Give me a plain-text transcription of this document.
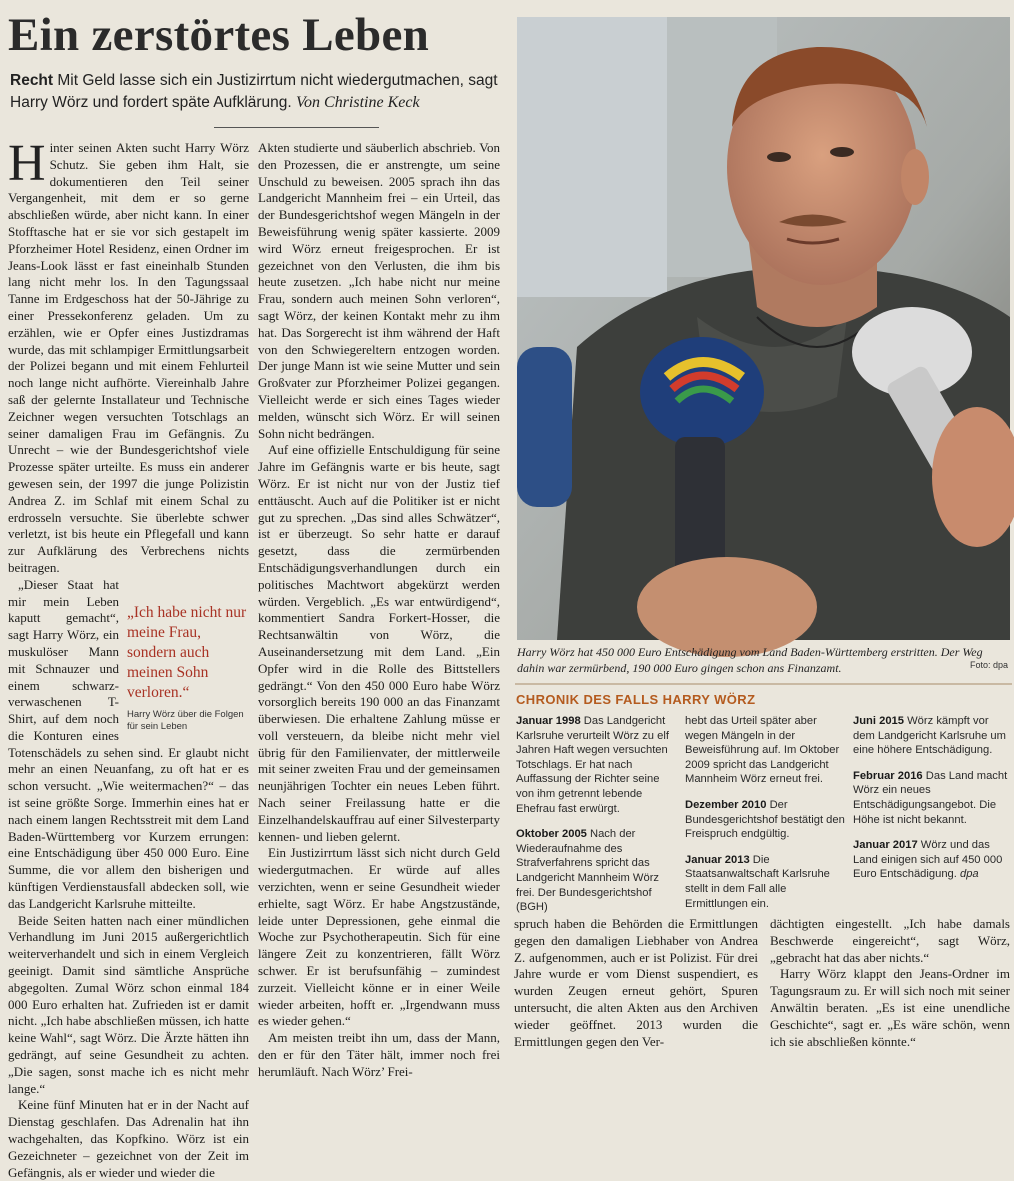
Ein zerstörtes Leben
Recht Mit Geld lasse sich ein Justizirrtum nicht wiedergutmachen, sagt Harry Wörz und fordert späte Aufklärung. Von Christine Keck

Hinter seinen Akten sucht Harry Wörz Schutz. Sie geben ihm Halt, sie dokumentieren den Teil seiner Vergangenheit, mit dem er so gerne abschließen würde, aber nicht kann. In einer Stofftasche hat er sie vor sich gestapelt im Pforzheimer Hotel Residenz, einen Ordner im Jeans-Look lässt er fast eineinhalb Stunden lang nicht mehr los. In den Tagungssaal Tanne im Erdgeschoss hat der 50-Jährige zu einer Pressekonferenz geladen. Um zu erzählen, wie er Opfer eines Justizdramas wurde, das mit schlampiger Ermittlungsarbeit der Polizei begann und mit einem Fehlurteil noch lange nicht aufhörte. Viereinhalb Jahre saß der gelernte Installateur und Technische Zeichner wegen versuchten Totschlags an seiner damaligen Frau im Gefängnis. Zu Unrecht – wie der Bundesgerichtshof viele Prozesse später urteilte. Es muss ein anderer gewesen sein, der 1997 die junge Polizistin Andrea Z. im Schlaf mit einem Schal zu erdrosseln versuchte. Sie überlebte schwer verletzt, ist bis heute ein Pflegefall und kann zur Aufklärung des Verbrechens nichts beitragen.

„Ich habe nicht nur meine Frau, sondern auch meinen Sohn verloren.“
Harry Wörz über die Folgen für sein Leben

„Dieser Staat hat mir mein Leben kaputt gemacht“, sagt Harry Wörz, ein muskulöser Mann mit Schnauzer und einem schwarz-verwaschenen T-Shirt, auf dem noch die Konturen eines Totenschädels zu sehen sind. Er glaubt nicht mehr an einen Neuanfang, zu oft hat er es schon versucht. „Wie weitermachen?“ – das ist seine größte Sorge. Immerhin eines hat er nach einem langen Rechtsstreit mit dem Land Baden-Württemberg vor Kurzem errungen: eine Entschädigung über 450 000 Euro. Eine Summe, die vor allem den bisherigen und künftigen Verdienstausfall abdecken soll, wie das Landgericht Karlsruhe mitteilte.

Beide Seiten hatten nach einer mündlichen Verhandlung im Juni 2015 außergerichtlich weiterverhandelt und sich in einem Vergleich geeinigt. Damit sind sämtliche Ansprüche abgegolten. Zumal Wörz schon einmal 184 000 Euro erhalten hat. Zufrieden ist er damit nicht. „Ich habe abschließen müssen, ich hatte keine Wahl“, sagt Wörz. Die Ärzte hätten ihn gedrängt, auf seine Gesundheit zu achten. „Die sagen, sonst mache ich es nicht mehr lange.“

Keine fünf Minuten hat er in der Nacht auf Dienstag geschlafen. Das Adrenalin hat ihn wachgehalten, das Kopfkino. Wörz ist ein Gezeichneter – gezeichnet von der Zeit im Gefängnis, als er wieder und wieder die

Akten studierte und säuberlich abschrieb. Von den Prozessen, die er anstrengte, um seine Unschuld zu beweisen. 2005 sprach ihn das Landgericht Mannheim frei – ein Urteil, das der Bundesgerichtshof wegen Mängeln in der Beweisführung wenig später kassierte. 2009 wird Wörz erneut freigesprochen. Er ist gezeichnet von den Verlusten, die ihm bis heute zusetzen. „Ich habe nicht nur meine Frau, sondern auch meinen Sohn verloren“, sagt Wörz, der keinen Kontakt mehr zu ihm hat. Das Sorgerecht ist ihm während der Haft von den Schwiegereltern entzogen worden. Der junge Mann ist wie seine Mutter und sein Großvater zur Pforzheimer Polizei gegangen. Vielleicht werde er sich eines Tages wieder melden, wünscht sich Wörz. Er will seinen Sohn nicht bedrängen.

Auf eine offizielle Entschuldigung für seine Jahre im Gefängnis warte er bis heute, sagt Wörz. Er ist nicht nur von der Justiz tief enttäuscht. Auch auf die Politiker ist er nicht gut zu sprechen. „Das sind alles Schwätzer“, ist er überzeugt. So sehr hatte er darauf gesetzt, dass die zermürbenden Entschädigungsverhandlungen durch ein politisches Machtwort abgekürzt werden würden. Vergeblich. „Es war entwürdigend“, kommentiert Sandra Forkert-Hosser, die Rechtsanwältin von Wörz, die Auseinandersetzung mit dem Land. „Ein Opfer wird in die Rolle des Bittstellers gedrängt.“ Von den 450 000 Euro habe Wörz vorsorglich bereits 190 000 an das Finanzamt überwiesen. Die erhaltene Zahlung müsse er voll versteuern, da bleibe nicht mehr viel übrig für den Familienvater, der mittlerweile mit seiner zweiten Frau und der gemeinsamen neunjährigen Tochter ein neues Leben führt. Nach seiner Freilassung hatte er die Einzelhandelskauffrau auf einer Silvesterparty kennen- und lieben gelernt.

Ein Justizirrtum lässt sich nicht durch Geld wiedergutmachen. Er würde auf alles verzichten, wenn er seine Gesundheit wieder erhielte, sagt Wörz. Er habe Angstzustände, leide unter Depressionen, gehe einmal die Woche zur Psychotherapeutin. Sich für eine längere Zeit zu konzentrieren, fällt Wörz schwer. Er ist berufsunfähig – zumindest zurzeit. Vielleicht könne er in einer Weile wieder arbeiten, hofft er. „Irgendwann muss es wieder gehen.“

Am meisten treibt ihn um, dass der Mann, den er für den Täter hält, immer noch frei herumläuft. Nach Wörz’ Frei-

Harry Wörz hat 450 000 Euro Entschädigung vom Land Baden-Württemberg erstritten. Der Weg dahin war zermürbend, 190 000 Euro gingen schon ans Finanzamt.	Foto: dpa
CHRONIK DES FALLS HARRY WÖRZ
Januar 1998 Das Landgericht Karlsruhe verurteilt Wörz zu elf Jahren Haft wegen versuchten Totschlags. Er hat nach Auffassung der Richter seine von ihm getrennt lebende Ehefrau fast erwürgt.
Oktober 2005 Nach der Wiederaufnahme des Strafverfahrens spricht das Landgericht Mannheim Wörz frei. Der Bundesgerichtshof (BGH)
hebt das Urteil später aber wegen Mängeln in der Beweisführung auf. Im Oktober 2009 spricht das Landgericht Mannheim Wörz erneut frei.
Dezember 2010 Der Bundesgerichtshof bestätigt den Freispruch endgültig.
Januar 2013 Die Staatsanwaltschaft Karlsruhe stellt in dem Fall alle Ermittlungen ein.
Juni 2015 Wörz kämpft vor dem Landgericht Karlsruhe um eine höhere Entschädigung.
Februar 2016 Das Land macht Wörz ein neues Entschädigungsangebot. Die Höhe ist nicht bekannt.
Januar 2017 Wörz und das Land einigen sich auf 450 000 Euro Entschädigung. dpa

spruch haben die Behörden die Ermittlungen gegen den damaligen Liebhaber von Andrea Z. aufgenommen, auch er ist Polizist. Für drei Jahre wurde er vom Dienst suspendiert, es wurden Zeugen erneut gehört, Spuren untersucht, die alten Akten aus den Archiven wieder geöffnet. 2013 wurden die Ermittlungen gegen den Ver-

dächtigten eingestellt. „Ich habe damals Beschwerde eingereicht“, sagt Wörz, „gebracht hat das aber nichts.“

Harry Wörz klappt den Jeans-Ordner im Tagungsraum zu. Er will sich noch mit seiner Anwältin beraten. „Es ist eine unendliche Geschichte“, sagt er. „Es wäre schön, wenn ich sie abschließen könnte.“
